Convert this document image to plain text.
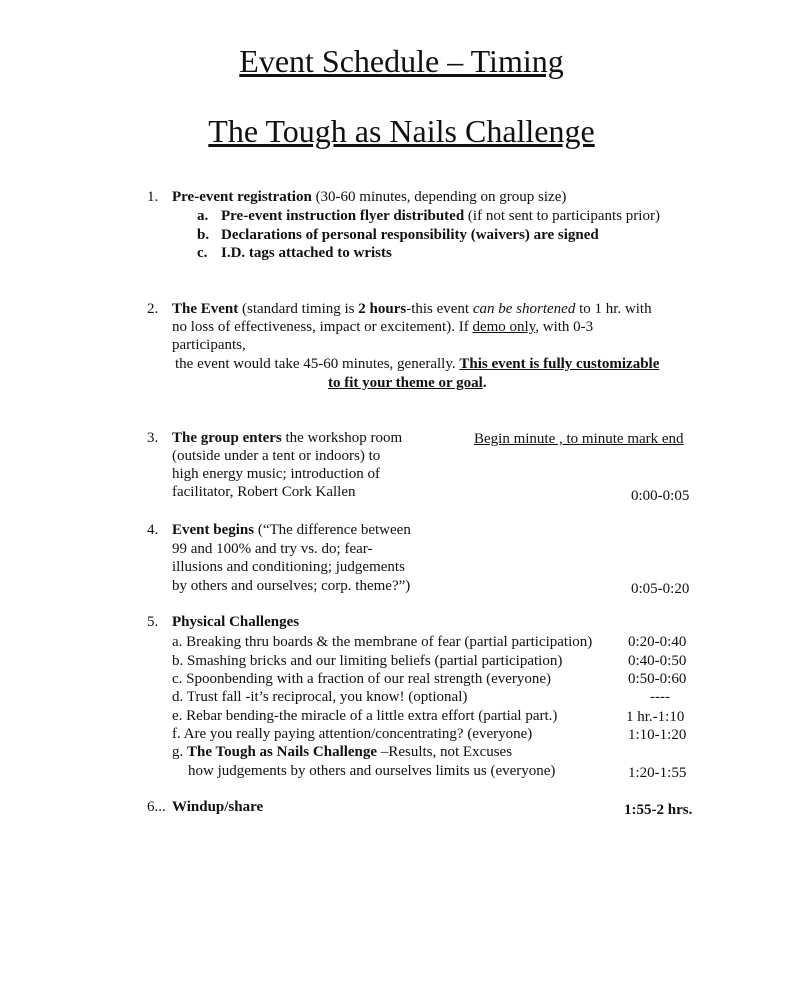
Event Schedule – Timing
The Tough as Nails Challenge
1. Pre-event registration (30-60 minutes, depending on group size)
a. Pre-event instruction flyer distributed (if not sent to participants prior)
b. Declarations of personal responsibility (waivers) are signed
c. I.D. tags attached to wrists
2. The Event (standard timing is 2 hours-this event can be shortened to 1 hr. with
no loss of effectiveness, impact or excitement). If demo only, with 0-3
participants,
the event would take 45-60 minutes, generally. This event is fully customizable
to fit your theme or goal.
3. The group enters the workshop room
(outside under a tent or indoors) to
high energy music; introduction of
facilitator, Robert Cork Kallen
Begin minute , to minute mark end
0:00-0:05
4. Event begins (“The difference between
99 and 100% and try vs. do; fear-
illusions and conditioning; judgements
by others and ourselves; corp. theme?”)	0:05-0:20
5. Physical Challenges
a. Breaking thru boards & the membrane of fear (partial participation) 0:20-0:40
b. Smashing bricks and our limiting beliefs (partial participation)	0:40-0:50
c. Spoonbending with a fraction of our real strength (everyone)	0:50-0:60
d. Trust fall -it’s reciprocal, you know! (optional)	----
e. Rebar bending-the miracle of a little extra effort (partial part.)	1 hr.-1:10
f. Are you really paying attention/concentrating? (everyone)	1:10-1:20
g. The Tough as Nails Challenge –Results, not Excuses
how judgements by others and ourselves limits us (everyone)	1:20-1:55
6... Windup/share	1:55-2 hrs.
